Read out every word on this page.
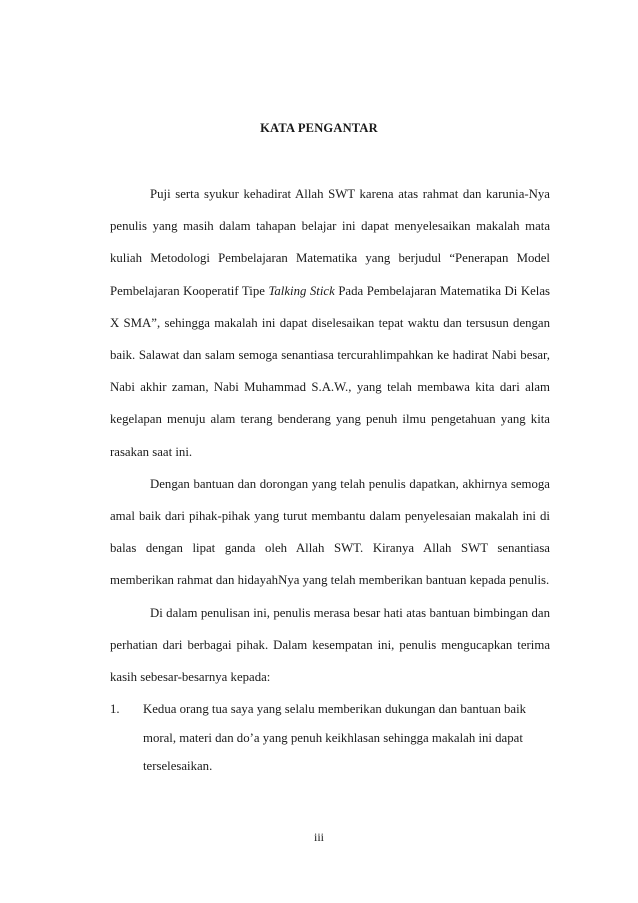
KATA PENGANTAR

Puji serta syukur kehadirat Allah SWT karena atas rahmat dan karunia-Nya penulis yang masih dalam tahapan belajar ini dapat menyelesaikan makalah mata kuliah Metodologi Pembelajaran Matematika yang berjudul “Penerapan Model Pembelajaran Kooperatif Tipe Talking Stick Pada Pembelajaran Matematika Di Kelas X SMA”, sehingga makalah ini dapat diselesaikan tepat waktu dan tersusun dengan baik. Salawat dan salam semoga senantiasa tercurahlimpahkan ke hadirat Nabi besar, Nabi akhir zaman, Nabi Muhammad S.A.W., yang telah membawa kita dari alam kegelapan menuju alam terang benderang yang penuh ilmu pengetahuan yang kita rasakan saat ini.

Dengan bantuan dan dorongan yang telah penulis dapatkan, akhirnya semoga amal baik dari pihak-pihak yang turut membantu dalam penyelesaian makalah ini di balas dengan lipat ganda oleh Allah SWT. Kiranya Allah SWT senantiasa memberikan rahmat dan hidayahNya yang telah memberikan bantuan kepada penulis.

Di dalam penulisan ini, penulis merasa besar hati atas bantuan bimbingan dan perhatian dari berbagai pihak. Dalam kesempatan ini, penulis mengucapkan terima kasih sebesar-besarnya kepada:

1. Kedua orang tua saya yang selalu memberikan dukungan dan bantuan baik moral, materi dan do’a yang penuh keikhlasan sehingga makalah ini dapat terselesaikan.
iii
